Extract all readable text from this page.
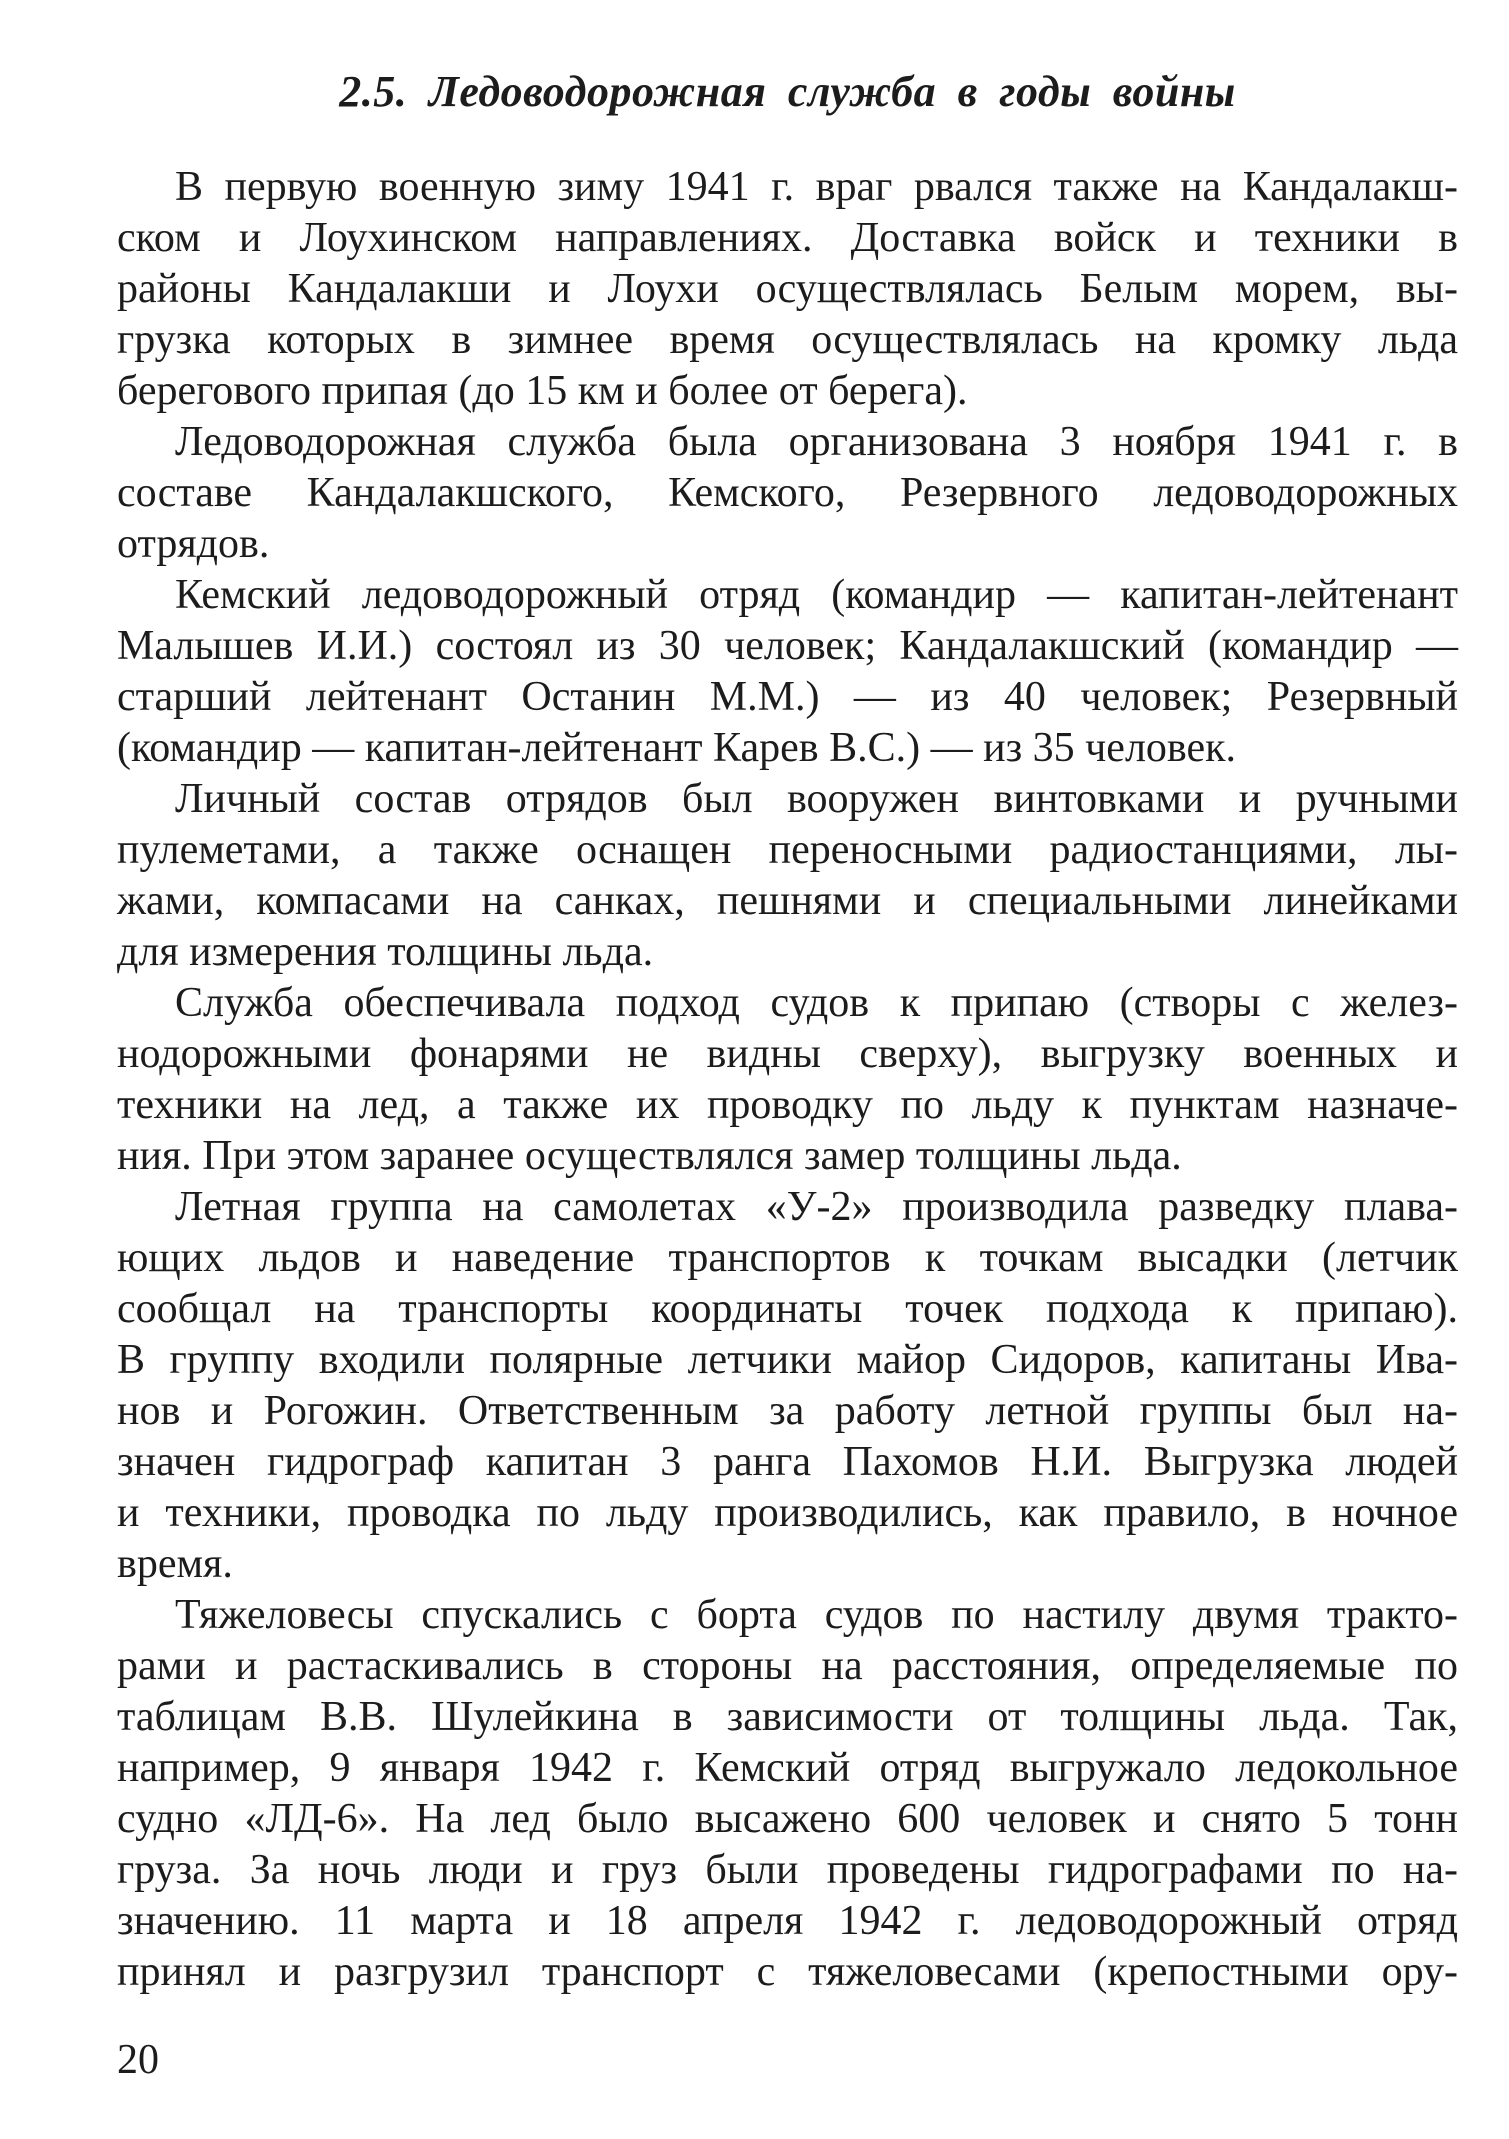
2.5. Ледоводорожная служба в годы войны
В первую военную зиму 1941 г. враг рвался также на Кандалакш-
ском и Лоухинском направлениях. Доставка войск и техники в
районы Кандалакши и Лоухи осуществлялась Белым морем, вы-
грузка которых в зимнее время осуществлялась на кромку льда
берегового припая (до 15 км и более от берега).
Ледоводорожная служба была организована 3 ноября 1941 г. в
составе Кандалакшского, Кемского, Резервного ледоводорожных
отрядов.
Кемский ледоводорожный отряд (командир — капитан-лейтенант
Малышев И.И.) состоял из 30 человек; Кандалакшский (командир —
старший лейтенант Останин М.М.) — из 40 человек; Резервный
(командир — капитан-лейтенант Карев В.С.) — из 35 человек.
Личный состав отрядов был вооружен винтовками и ручными
пулеметами, а также оснащен переносными радиостанциями, лы-
жами, компасами на санках, пешнями и специальными линейками
для измерения толщины льда.
Служба обеспечивала подход судов к припаю (створы с желез-
нодорожными фонарями не видны сверху), выгрузку военных и
техники на лед, а также их проводку по льду к пунктам назначе-
ния. При этом заранее осуществлялся замер толщины льда.
Летная группа на самолетах «У-2» производила разведку плава-
ющих льдов и наведение транспортов к точкам высадки (летчик
сообщал на транспорты координаты точек подхода к припаю).
В группу входили полярные летчики майор Сидоров, капитаны Ива-
нов и Рогожин. Ответственным за работу летной группы был на-
значен гидрограф капитан 3 ранга Пахомов Н.И. Выгрузка людей
и техники, проводка по льду производились, как правило, в ночное
время.
Тяжеловесы спускались с борта судов по настилу двумя тракто-
рами и растаскивались в стороны на расстояния, определяемые по
таблицам В.В. Шулейкина в зависимости от толщины льда. Так,
например, 9 января 1942 г. Кемский отряд выгружало ледокольное
судно «ЛД-6». На лед было высажено 600 человек и снято 5 тонн
груза. За ночь люди и груз были проведены гидрографами по на-
значению. 11 марта и 18 апреля 1942 г. ледоводорожный отряд
принял и разгрузил транспорт с тяжеловесами (крепостными ору-
20
